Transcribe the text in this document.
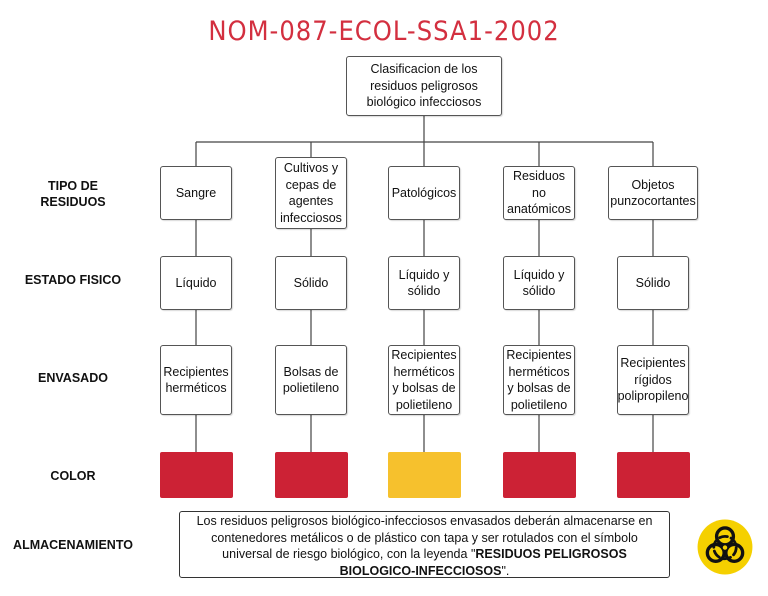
NOM-087-ECOL-SSA1-2002
Clasificacion de los residuos peligrosos biológico infecciosos
TIPO DE RESIDUOS
ESTADO FISICO
ENVASADO
COLOR
ALMACENAMIENTO
Sangre
Líquido
Recipientes herméticos
Cultivos y cepas de agentes infecciosos
Sólido
Bolsas de polietileno
Patológicos
Líquido y sólido
Recipientes herméticos y bolsas de polietileno
Residuos no anatómicos
Líquido y sólido
Recipientes herméticos y bolsas de polietileno
Objetos punzocortantes
Sólido
Recipientes rígidos polipropileno
Los residuos peligrosos biológico-infecciosos envasados deberán almacenarse en contenedores metálicos o de plástico con tapa y ser rotulados con el símbolo universal de riesgo biológico, con la leyenda "RESIDUOS PELIGROSOS BIOLOGICO-INFECCIOSOS".
